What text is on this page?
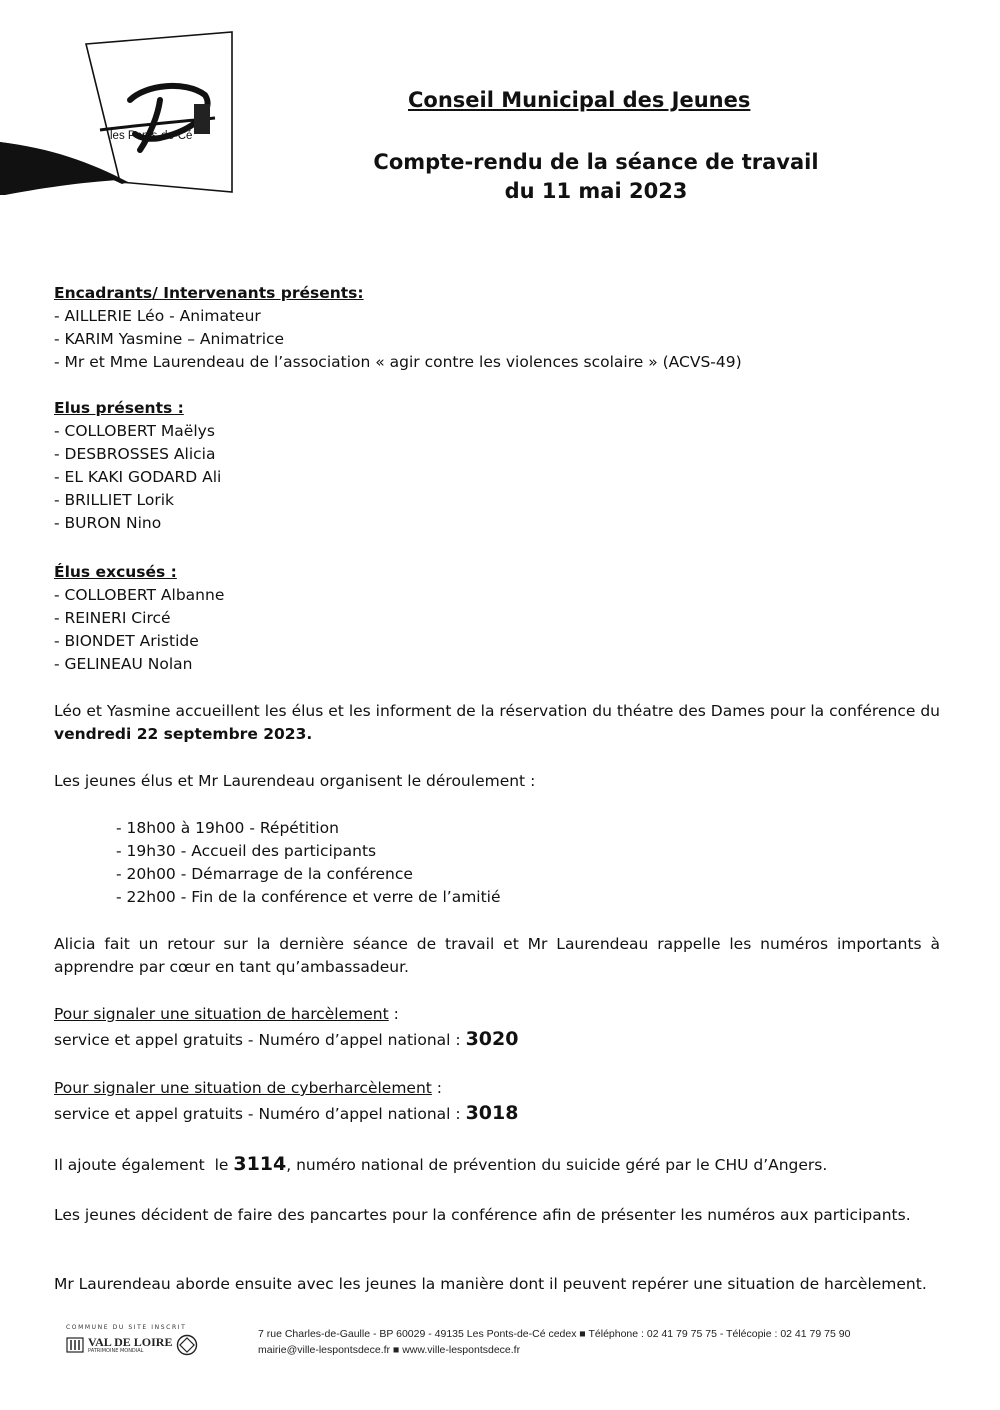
les Ponts-de-Cé
Conseil Municipal des Jeunes
Compte-rendu de la séance de travail
du 11 mai 2023
Encadrants/ Intervenants présents:
- AILLERIE Léo - Animateur
- KARIM Yasmine – Animatrice
- Mr et Mme Laurendeau de l’association « agir contre les violences scolaire » (ACVS-49)
Elus présents :
- COLLOBERT Maëlys
- DESBROSSES Alicia
- EL KAKI GODARD Ali
- BRILLIET Lorik
- BURON Nino
Élus excusés :
- COLLOBERT Albanne
- REINERI Circé
- BIONDET Aristide
- GELINEAU Nolan
Léo et Yasmine accueillent les élus et les informent de la réservation du théatre des Dames pour la conférence du vendredi 22 septembre 2023.
Les jeunes élus et Mr Laurendeau organisent le déroulement :
- 18h00 à 19h00 - Répétition
- 19h30 - Accueil des participants
- 20h00 - Démarrage de la conférence
- 22h00 - Fin de la conférence et verre de l’amitié
Alicia fait un retour sur la dernière séance de travail et Mr Laurendeau rappelle les numéros importants à apprendre par cœur en tant qu’ambassadeur.
Pour signaler une situation de harcèlement :
service et appel gratuits - Numéro d’appel national : 3020
Pour signaler une situation de cyberharcèlement :
service et appel gratuits - Numéro d’appel national : 3018
Il ajoute également  le 3114, numéro national de prévention du suicide géré par le CHU d’Angers.
Les jeunes décident de faire des pancartes pour la conférence afin de présenter les numéros aux participants.
Mr Laurendeau aborde ensuite avec les jeunes la manière dont il peuvent repérer une situation de harcèlement.
COMMUNE DU SITE INSCRIT
VAL DE LOIRE
PATRIMOINE MONDIAL
7 rue Charles-de-Gaulle - BP 60029 - 49135 Les Ponts-de-Cé cedex ■ Téléphone : 02 41 79 75 75 - Télécopie : 02 41 79 75 90
mairie@ville-lespontsdece.fr ■ www.ville-lespontsdece.fr
